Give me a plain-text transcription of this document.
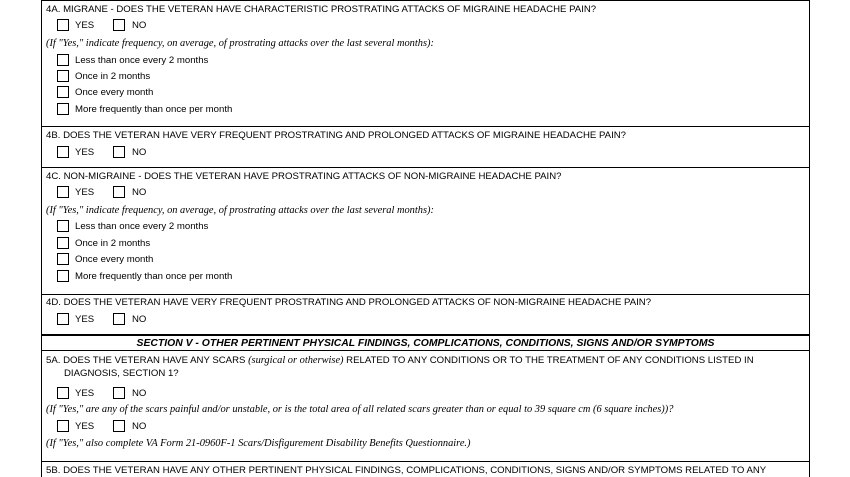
4A. MIGRANE - DOES THE VETERAN HAVE CHARACTERISTIC PROSTRATING ATTACKS OF MIGRAINE HEADACHE PAIN?
YES	NO
(If "Yes," indicate frequency, on average, of prostrating attacks over the last several months):
Less than once every 2 months
Once in 2 months
Once every month
More frequently than once per month
4B. DOES THE VETERAN HAVE VERY FREQUENT PROSTRATING AND PROLONGED ATTACKS OF MIGRAINE HEADACHE PAIN?
YES	NO
4C. NON-MIGRAINE - DOES THE VETERAN HAVE PROSTRATING ATTACKS OF NON-MIGRAINE HEADACHE PAIN?
YES	NO
(If "Yes," indicate frequency, on average, of prostrating attacks over the last several months):
Less than once every 2 months
Once in 2 months
Once every month
More frequently than once per month
4D. DOES THE VETERAN HAVE VERY FREQUENT PROSTRATING AND PROLONGED ATTACKS OF NON-MIGRAINE HEADACHE PAIN?
YES	NO
SECTION V - OTHER PERTINENT PHYSICAL FINDINGS, COMPLICATIONS, CONDITIONS, SIGNS AND/OR SYMPTOMS
5A. DOES THE VETERAN HAVE ANY SCARS (surgical or otherwise) RELATED TO ANY CONDITIONS OR TO THE TREATMENT OF ANY CONDITIONS LISTED IN
DIAGNOSIS, SECTION 1?
YES	NO
(If "Yes," are any of the scars painful and/or unstable, or is the total area of all related scars greater than or equal to 39 square cm (6 square inches))?
YES	NO
(If "Yes," also complete VA Form 21-0960F-1 Scars/Disfigurement Disability Benefits Questionnaire.)
5B. DOES THE VETERAN HAVE ANY OTHER PERTINENT PHYSICAL FINDINGS, COMPLICATIONS, CONDITIONS, SIGNS AND/OR SYMPTOMS RELATED TO ANY
